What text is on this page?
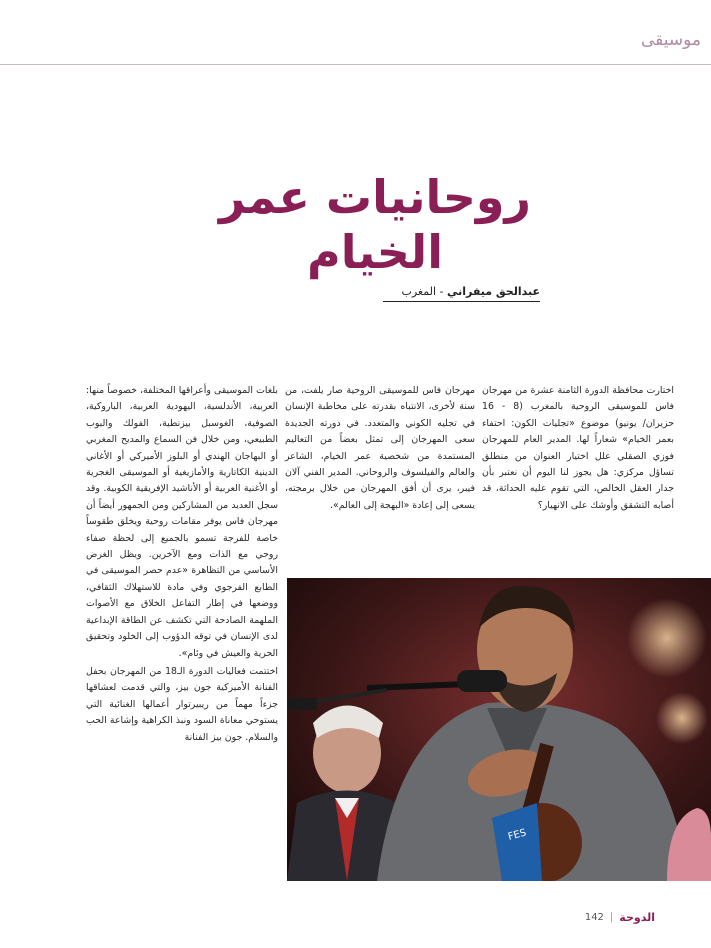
موسيقى
روحانيات عمر الخيام
عبدالحق ميفراني - المغرب

اختارت محافظة الدورة الثامنة عشرة من مهرجان فاس للموسيقى الروحية بالمغرب (8 - 16 حزيران/ يونيو) موضوع «تجليات الكون: احتفاء بعمر الخيام» شعاراً لها. المدير العام للمهرجان فوزي الصقلي علل اختيار العنوان من منطلق تساؤل مركزي: هل يجوز لنا اليوم أن نعتبر بأن جدار العقل الخالص، التي تقوم عليه الحداثة، قد أصابه التشقق وأوشك على الانهيار؟

مهرجان فاس للموسيقى الروحية صار يلفت، من سنة لأخرى، الانتباه بقدرته على مخاطبة الإنسان في تجليه الكوني والمتعدد. في دورته الجديدة سعى المهرجان إلى تمثل بعضاً من التعاليم المستمدة من شخصية عمر الخيام، الشاعر والعالم والفيلسوف والروحاني. المدير الفني آلان فيبر، يرى أن أفق المهرجان من خلال برمجته، يسعى إلى إعادة «البهجة إلى العالم».

بلغات الموسيقى وأعراقها المختلفة، خصوصاً منها: العربية، الأندلسية، اليهودية العربية، الباروكية، الصوفية، الغوسبل بيزنطية، الفولك والبوب الطبيعي، ومن خلال فن السماع والمديح المغربي أو البهاجان الهندي أو البلوز الأميركي أو الأغاني الدينية الكاتارية والأمازيغية أو الموسيقى الغجرية أو الأغنية العربية أو الأناشيد الإفريقية الكوبية. وقد سجل العديد من المشاركين ومن الجمهور أيضاً أن مهرجان فاس يوفر مقامات روحية ويخلق طقوساً خاصة للفرجة تسمو بالجميع إلى لحظة صفاء روحي مع الذات ومع الآخرين. ويظل الغرض الأساسي من التظاهرة «عدم حصر الموسيقى في الطابع الفرجوي وفي مادة للاستهلاك الثقافي، ووضعها في إطار التفاعل الخلاق مع الأصوات الملهمة الصادحة التي تكشف عن الطاقة الإبداعية لدى الإنسان في توقه الدؤوب إلى الخلود وتحقيق الحرية والعيش في وئام».

اختتمت فعاليات الدورة الـ18 من المهرجان بحفل الفنانة الأميركية جون بيز، والتي قدمت لعشاقها جزءاً مهماً من ريبيرتوار أعمالها الغنائية التي يستوحي معاناة السود ونبذ الكراهية وإشاعة الحب والسلام. جون بيز الفنانة

FES
الدوحة
|
142
